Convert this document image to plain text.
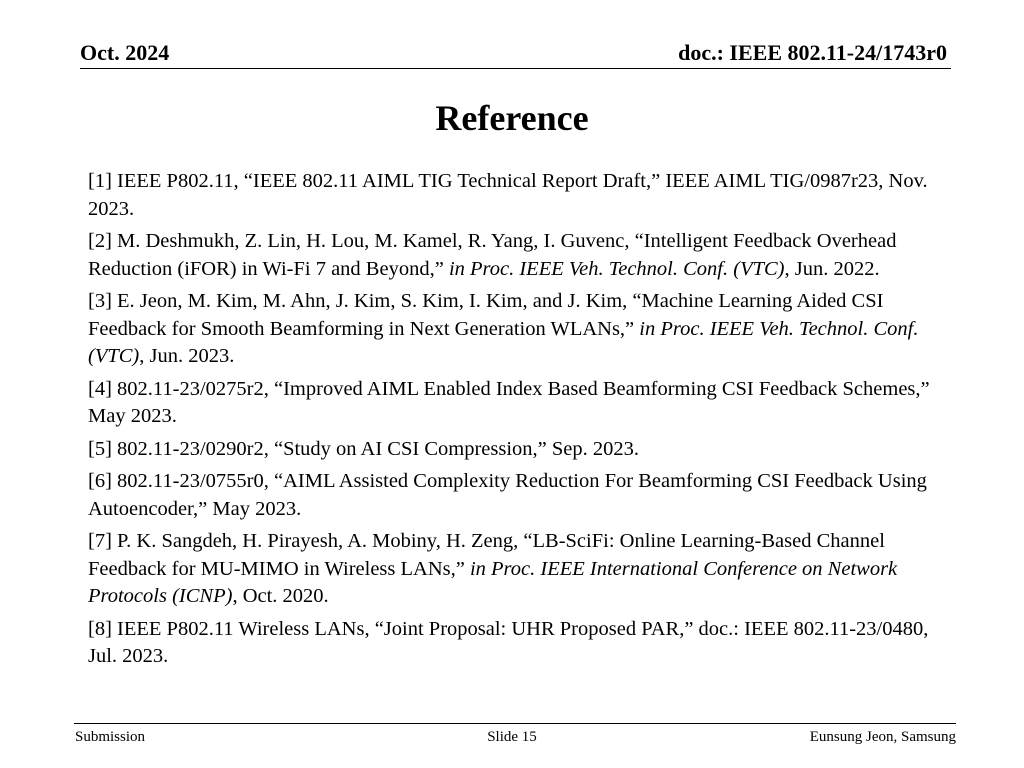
Oct. 2024	doc.: IEEE 802.11-24/1743r0
Reference
[1] IEEE P802.11, “IEEE 802.11 AIML TIG Technical Report Draft,” IEEE AIML TIG/0987r23, Nov. 2023.
[2] M. Deshmukh, Z. Lin, H. Lou, M. Kamel, R. Yang, I. Guvenc, “Intelligent Feedback Overhead Reduction (iFOR) in Wi-Fi 7 and Beyond,” in Proc. IEEE Veh. Technol. Conf. (VTC), Jun. 2022.
[3] E. Jeon, M. Kim, M. Ahn, J. Kim, S. Kim, I. Kim, and J. Kim, “Machine Learning Aided CSI Feedback for Smooth Beamforming in Next Generation WLANs,” in Proc. IEEE Veh. Technol. Conf. (VTC), Jun. 2023.
[4] 802.11-23/0275r2, “Improved AIML Enabled Index Based Beamforming CSI Feedback Schemes,” May 2023.
[5] 802.11-23/0290r2, “Study on AI CSI Compression,” Sep. 2023.
[6] 802.11-23/0755r0, “AIML Assisted Complexity Reduction For Beamforming CSI Feedback Using Autoencoder,” May 2023.
[7] P. K. Sangdeh, H. Pirayesh, A. Mobiny, H. Zeng, “LB-SciFi: Online Learning-Based Channel Feedback for MU-MIMO in Wireless LANs,” in Proc. IEEE International Conference on Network Protocols (ICNP), Oct. 2020.
[8] IEEE P802.11 Wireless LANs, “Joint Proposal: UHR Proposed PAR,” doc.: IEEE 802.11-23/0480, Jul. 2023.
Submission	Slide 15	Eunsung Jeon, Samsung
